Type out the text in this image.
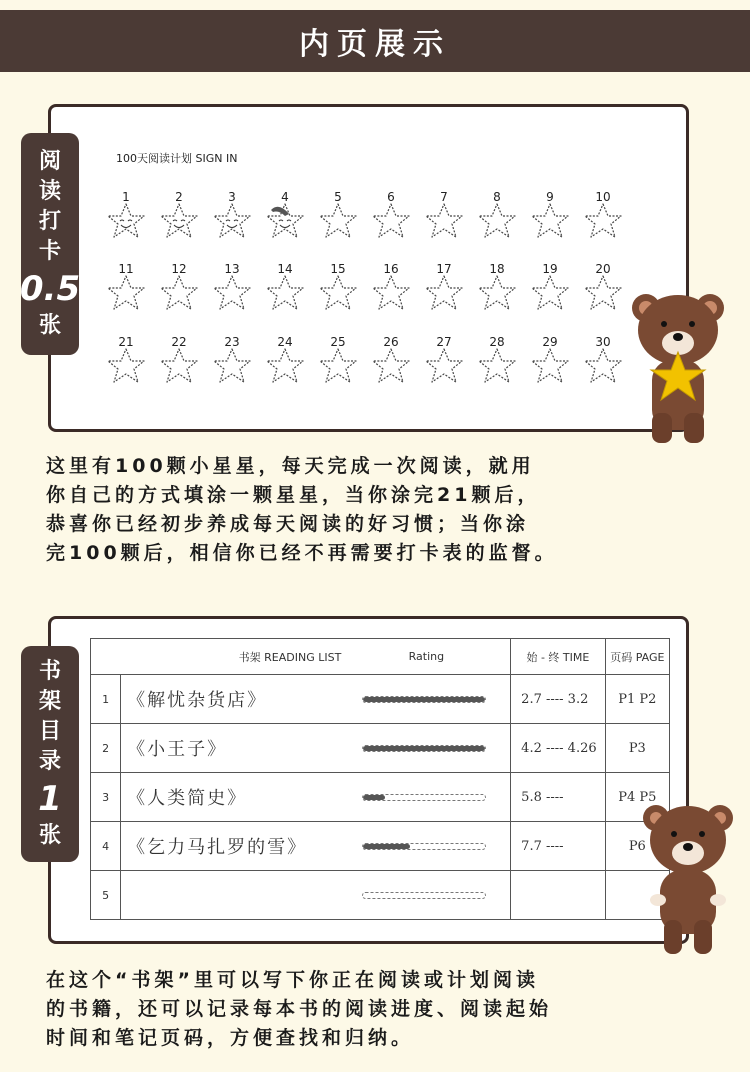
内页展示
阅
读
打
卡
0.5
张
100天阅读计划 SIGN IN
1	2	3	4	5	6	7	8	9	10
11	12	13	14	15	16	17	18	19	20
21	22	23	24	25	26	27	28	29	30
这里有100颗小星星，每天完成一次阅读，就用
你自己的方式填涂一颗星星，当你涂完21颗后，
恭喜你已经初步养成每天阅读的好习惯；当你涂
完100颗后，相信你已经不再需要打卡表的监督。
书
架
目
录
1
张
	书架 READING LIST Rating	始 - 终 TIME	页码 PAGE
1	《解忧杂货店》	2.7 ---- 3.2	P1 P2
2	《小王子》	4.2 ---- 4.26	P3
3	《人类简史》	5.8 ----	P4 P5
4	《乞力马扎罗的雪》	7.7 ----	P6
5	

在这个“书架”里可以写下你正在阅读或计划阅读
的书籍，还可以记录每本书的阅读进度、阅读起始
时间和笔记页码，方便查找和归纳。
